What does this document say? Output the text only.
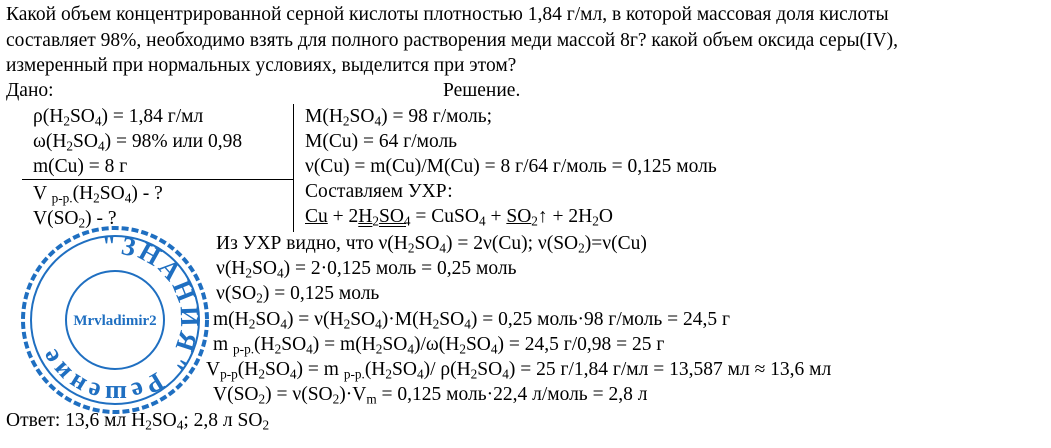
Какой объем концентрированной серной кислоты плотностью 1,84 г/мл, в которой массовая доля кислоты
составляет 98%, необходимо взять для полного растворения меди массой 8г? какой объем оксида серы(IV),
измеренный при нормальных условиях, выделится при этом?
Дано:	Решение.
$\rho(H_2SO_4) = 1,84$ г/мл
$\omega(H_2SO_4) = 98\%$ или 0,98
m(Cu) = 8 г
V $_{р-р.}(H_2SO_4)$ - ?
$V(SO_2)$ - ?
$M(H_2SO_4) = 98$ г/моль;
M(Cu) = 64 г/моль
ν(Cu) = m(Cu)/M(Cu) = 8 г/64 г/моль = 0,125 моль
Составляем УХР:
$Cu + 2H_2SO_4$ = CuSO$_4$ + $SO_2↑ + 2H_2O$
Из УХР видно, что $\nu(H_2SO_4) = 2\nu(Cu)$; $\nu(SO_2)=\nu(Cu)$
$\nu(H_2SO_4) = 2\cdot 0,125$ моль = 0,25 моль
$\nu(SO_2) = 0,125$ моль
$m(H_2SO_4) = \nu(H_2SO_4)\cdot M(H_2SO_4) = 0,25$ моль·98 г/моль = 24,5 г
m $_{р-р.}(H_2SO_4) = m(H_2SO_4)/\omega(H_2SO_4) = 24,5$ г/0,98 = 25 г
$V_{р-р}(H_2SO_4) = m$ $_{р-р.}(H_2SO_4)/$ $\rho(H_2SO_4) = 25$ г/1,84 г/мл = 13,587 мл ≈ 13,6 мл
$V(SO_2) = \nu(SO_2)\cdot V_m = 0,125$ моль·22,4 л/моль = 2,8 л
Ответ: 13,6 мл $H_2SO_4$; 2,8 л $SO_2$
"ЗНАНИЯ" Решение
Mrvladimir2
